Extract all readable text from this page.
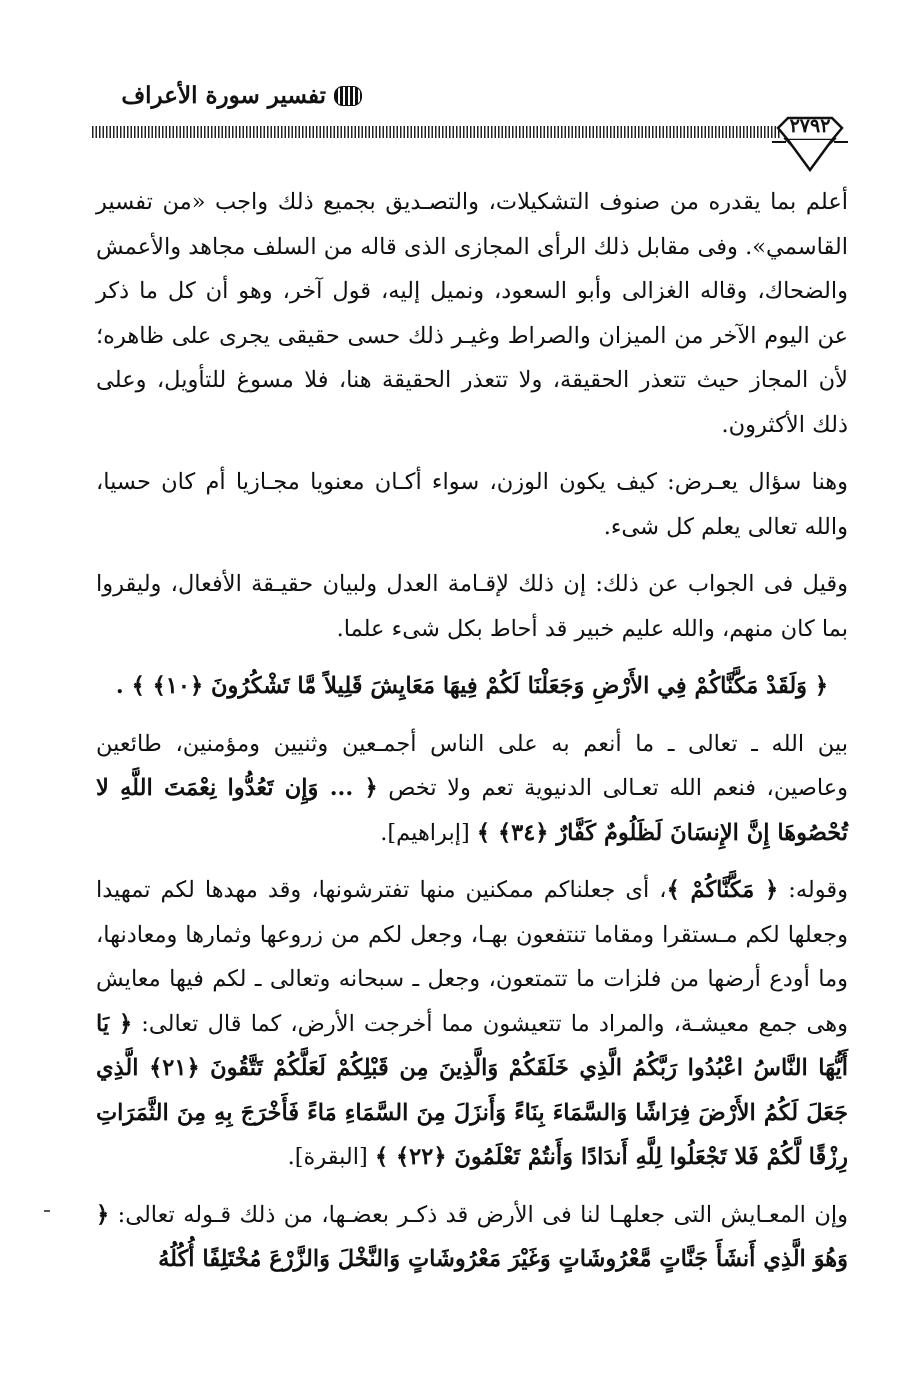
تفسير سورة الأعراف
٢٧٩٢

أعلم بما يقدره من صنوف التشكيلات، والتصـديق بجميع ذلك واجب «من تفسير القاسمي». وفى مقابل ذلك الرأى المجازى الذى قاله من السلف مجاهد والأعمش والضحاك، وقاله الغزالى وأبو السعود، ونميل إليه، قول آخر، وهو أن كل ما ذكر عن اليوم الآخر من الميزان والصراط وغيـر ذلك حسى حقيقى يجرى على ظاهره؛ لأن المجاز حيث تتعذر الحقيقة، ولا تتعذر الحقيقة هنا، فلا مسوغ للتأويل، وعلى ذلك الأكثرون.

وهنا سؤال يعـرض: كيف يكون الوزن، سواء أكـان معنويا مجـازيا أم كان حسيا، والله تعالى يعلم كل شىء.

وقيل فى الجواب عن ذلك: إن ذلك لإقـامة العدل ولبيان حقيـقة الأفعال، وليقروا بما كان منهم، والله عليم خبير قد أحاط بكل شىء علما.

﴿ وَلَقَدْ مَكَّنَّاكُمْ فِي الأَرْضِ وَجَعَلْنَا لَكُمْ فِيهَا مَعَايِشَ قَلِيلاً مَّا تَشْكُرُونَ ﴿١٠﴾ ﴾ .

بين الله ـ تعالى ـ ما أنعم به على الناس أجمـعين وثنيين ومؤمنين، طائعين وعاصين، فنعم الله تعـالى الدنيوية تعم ولا تخص ﴿ ... وَإِن تَعُدُّوا نِعْمَتَ اللَّهِ لا تُحْصُوهَا إِنَّ الإِنسَانَ لَظَلُومٌ كَفَّارٌ ﴿٣٤﴾ ﴾ [إبراهيم].

وقوله: ﴿ مَكَّنَّاكُمْ ﴾، أى جعلناكم ممكنين منها تفترشونها، وقد مهدها لكم تمهيدا وجعلها لكم مـستقرا ومقاما تنتفعون بهـا، وجعل لكم من زروعها وثمارها ومعادنها، وما أودع أرضها من فلزات ما تتمتعون، وجعل ـ سبحانه وتعالى ـ لكم فيها معايش وهى جمع معيشـة، والمراد ما تتعيشون مما أخرجت الأرض، كما قال تعالى: ﴿ يَا أَيُّهَا النَّاسُ اعْبُدُوا رَبَّكُمُ الَّذِي خَلَقَكُمْ وَالَّذِينَ مِن قَبْلِكُمْ لَعَلَّكُمْ تَتَّقُونَ ﴿٢١﴾ الَّذِي جَعَلَ لَكُمُ الأَرْضَ فِرَاشًا وَالسَّمَاءَ بِنَاءً وَأَنزَلَ مِنَ السَّمَاءِ مَاءً فَأَخْرَجَ بِهِ مِنَ الثَّمَرَاتِ رِزْقًا لَّكُمْ فَلا تَجْعَلُوا لِلَّهِ أَندَادًا وَأَنتُمْ تَعْلَمُونَ ﴿٢٢﴾ ﴾ [البقرة].

وإن المعـايش التى جعلهـا لنا فى الأرض قد ذكـر بعضـها، من ذلك قـوله تعالى: ﴿ وَهُوَ الَّذِي أَنشَأَ جَنَّاتٍ مَّعْرُوشَاتٍ وَغَيْرَ مَعْرُوشَاتٍ وَالنَّخْلَ وَالزَّرْعَ مُخْتَلِفًا أُكُلُهُ
